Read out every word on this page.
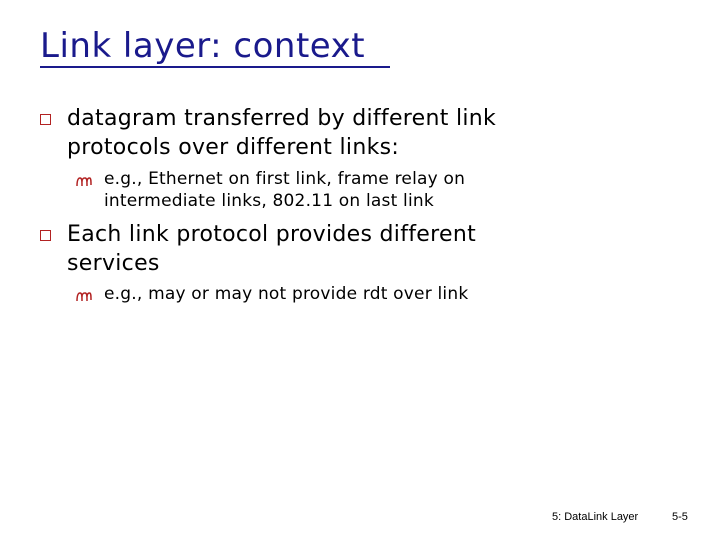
Link layer: context
datagram transferred by different link protocols over different links:
e.g., Ethernet on first link, frame relay on intermediate links, 802.11 on last link
Each link protocol provides different services
e.g., may or may not provide rdt over link
5: DataLink Layer	5-5
